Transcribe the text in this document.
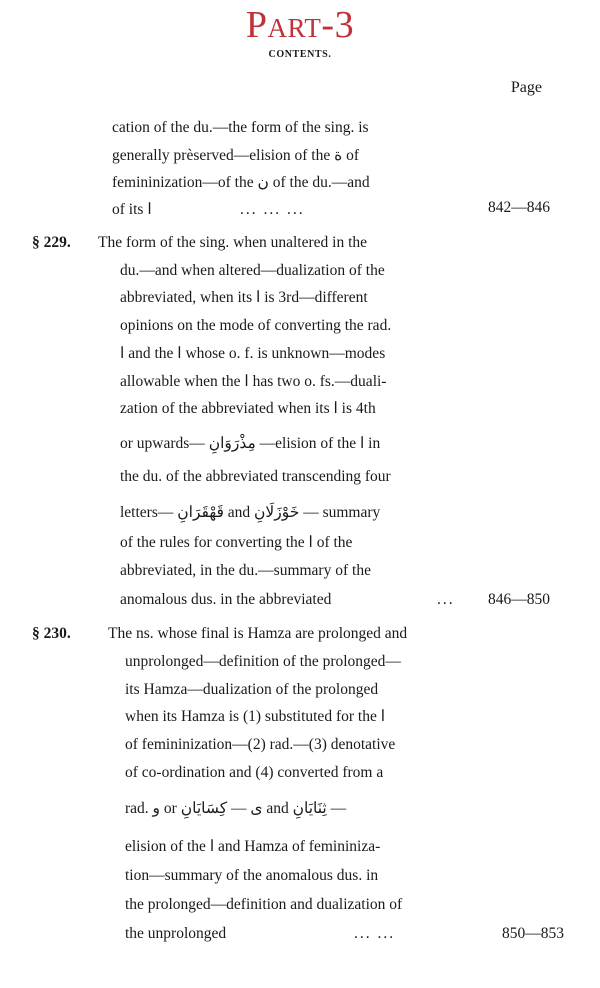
Part-3
CONTENTS.
Page
cation of the du.—the form of the sing. is
generally prèserved—elision of the ة of
femininization—of the ن of the du.—and
of its ا	... ... ...	842—846
§ 229. The form of the sing. when unaltered in the
du.—and when altered—dualization of the
abbreviated, when its ا is 3rd—different
opinions on the mode of converting the rad.
ا and the ا whose o. f. is unknown—modes
allowable when the ا has two o. fs.—duali-
zation of the abbreviated when its ا is 4th
or upwards— مِذْرَوَانِ —elision of the ا in
the du. of the abbreviated transcending four
letters— قَهْقَرَانِ and خَوْزَلَانِ — summary
of the rules for converting the ا of the
abbreviated, in the du.—summary of the
anomalous dus. in the abbreviated	... 846—850
§ 230. The ns. whose final is Hamza are prolonged and
unprolonged—definition of the prolonged—
its Hamza—dualization of the prolonged
when its Hamza is (1) substituted for the ا
of femininization—(2) rad.—(3) denotative
of co-ordination and (4) converted from a
rad. و or ى — كِسَايَانِ and ثِنَايَانِ —
elision of the ا and Hamza of femininiza-
tion—summary of the anomalous dus. in
the prolonged—definition and dualization of
the unprolonged	... ...	850—853
